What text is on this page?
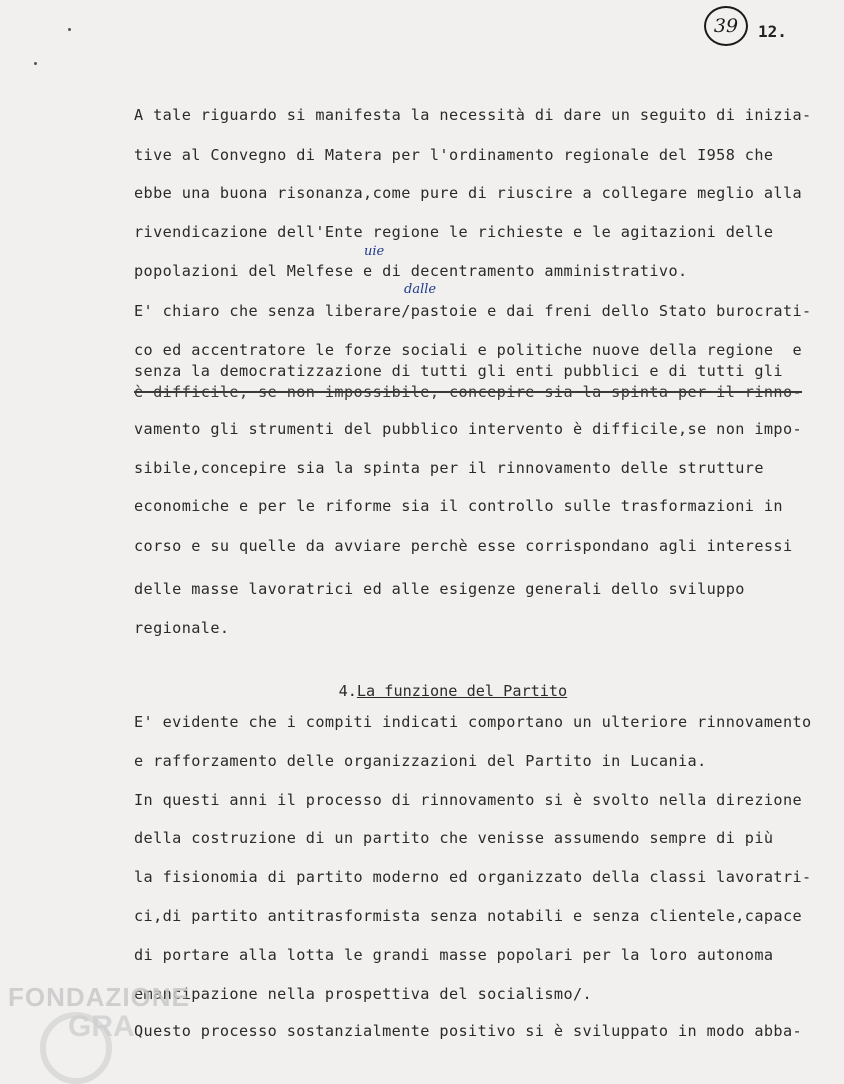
39 12.
A tale riguardo si manifesta la necessità di dare un seguito di inizia-
tive al Convegno di Matera per l'ordinamento regionale del I958 che
ebbe una buona risonanza,come pure di riuscire a collegare meglio alla
rivendicazione dell'Ente regione le richieste e le agitazioni delle
uie
popolazioni del Melfese e di decentramento amministrativo.
dalle
E' chiaro che senza liberare/pastoie e dai freni dello Stato burocrati-
co ed accentratore le forze sociali e politiche nuove della regione  e
senza la democratizzazione di tutti gli enti pubblici e di tutti gli
è difficile, se non impossibile, concepire sia la spinta per il rinno-
vamento gli strumenti del pubblico intervento è difficile,se non impo-
sibile,concepire sia la spinta per il rinnovamento delle strutture
economiche e per le riforme sia il controllo sulle trasformazioni in
corso e su quelle da avviare perchè esse corrispondano agli interessi
delle masse lavoratrici ed alle esigenze generali dello sviluppo
regionale.

4.La funzione del Partito

E' evidente che i compiti indicati comportano un ulteriore rinnovamento
e rafforzamento delle organizzazioni del Partito in Lucania.
In questi anni il processo di rinnovamento si è svolto nella direzione
della costruzione di un partito che venisse assumendo sempre di più
la fisionomia di partito moderno ed organizzato della classi lavoratri-
ci,di partito antitrasformista senza notabili e senza clientele,capace
di portare alla lotta le grandi masse popolari per la loro autonoma
emancipazione nella prospettiva del socialismo/.
Questo processo sostanzialmente positivo si è sviluppato in modo abba-
FONDAZIONE
GRA
